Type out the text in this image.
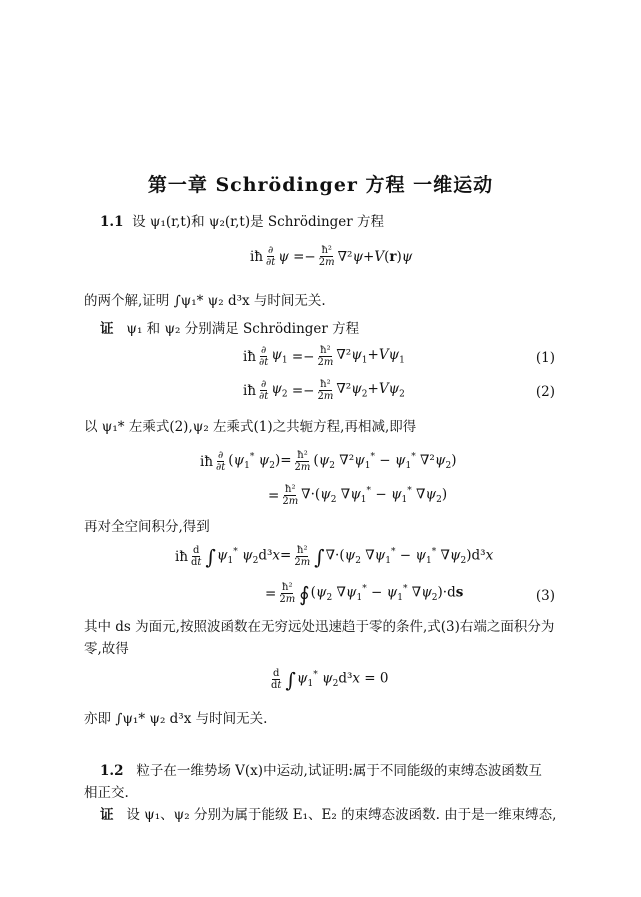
第一章 Schrödinger 方程 一维运动
1.1 设 ψ₁(r,t)和 ψ₂(r,t)是 Schrödinger 方程
iħ $\frac{\partial}{\partial t}$ $\psi =- \frac{\text{ħ²}}{2m} \nabla^2\psi+V(r)\psi$
的两个解,证明 ∫ψ₁* ψ₂ d³x 与时间无关.
证 ψ₁ 和 ψ₂ 分别满足 Schrödinger 方程
iħ $\frac{\partial}{\partial t} \psi_1 =- \frac{\text{ħ²}}{2m} \nabla^2\psi_1+V\psi_1$	(1)
iħ $\frac{\partial}{\partial t} \psi_2 =- \frac{\text{ħ²}}{2m} \nabla^2\psi_2+V\psi_2$	(2)
以 ψ₁* 左乘式(2),ψ₂ 左乘式(1)之共轭方程,再相减,即得
iħ $\frac{\partial}{\partial t} (\psi_1^*$ $\psi_2)= \frac{\text{ħ²}}{2m} (\psi_2$ $\nabla^2\psi_1^* - \psi_1^*$ $\nabla^2\psi_2$)
= $\frac{\text{ħ²}}{2m} \nabla\cdot(\psi_2$ $\nabla\psi_1^* - \psi_1^*$ $\nabla\psi_2$)
再对全空间积分,得到
iħ $\frac{d}{dt}$ ∫ $\psi_1^*$ $\psi_2d^3x= \frac{\text{ħ²}}{2m}$ ∫ $\nabla\cdot(\psi_2$ $\nabla\psi_1^* - \psi_1^*$ $\nabla\psi_2)d^3x$
= $\frac{\text{ħ²}}{2m}$ ∮ ($\psi_2$ $\nabla\psi_1^* - \psi_1^*$ $\nabla\psi_2)\cdot ds$	(3)
其中 ds 为面元,按照波函数在无穷远处迅速趋于零的条件,式(3)右端之面积分为
零,故得
$\frac{d}{dt}$ ∫ $\psi_1^*$ $\psi_2d^3x = 0$
亦即 ∫ψ₁* ψ₂ d³x 与时间无关.
1.2 粒子在一维势场 V(x)中运动,试证明:属于不同能级的束缚态波函数互
相正交.
证 设 ψ₁、ψ₂ 分别为属于能级 E₁、E₂ 的束缚态波函数. 由于是一维束缚态,
